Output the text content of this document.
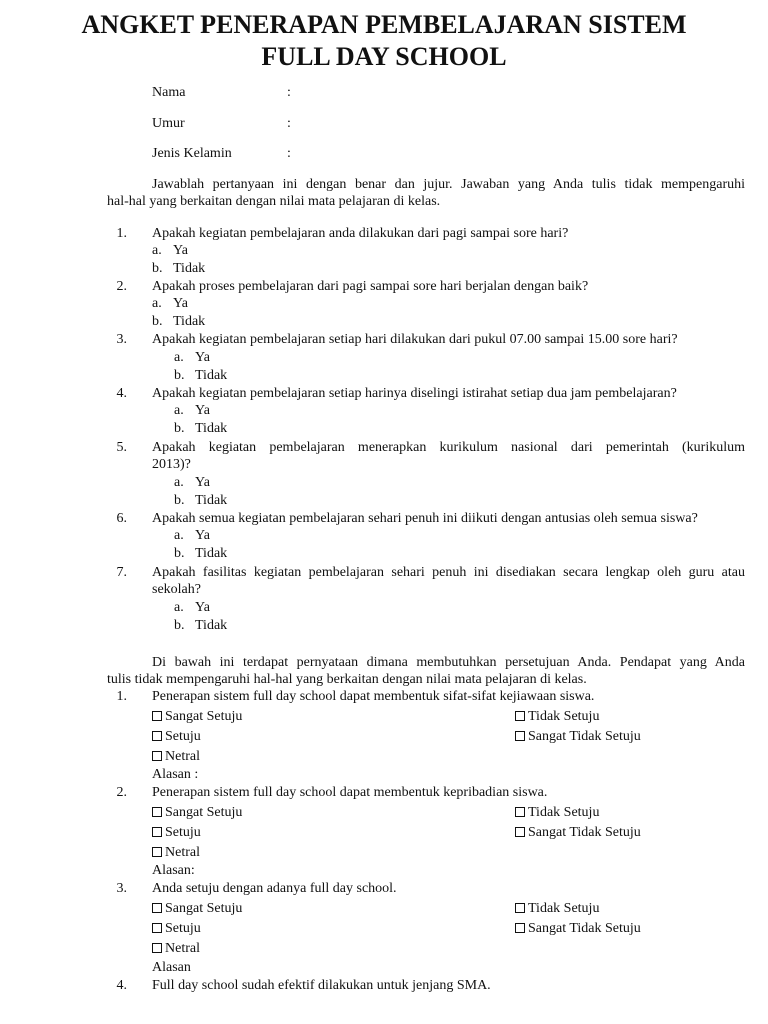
ANGKET PENERAPAN PEMBELAJARAN SISTEM
FULL DAY SCHOOL
Nama	:
Umur	:
Jenis Kelamin	:
Jawablah pertanyaan ini dengan benar dan jujur. Jawaban yang Anda tulis tidak mempengaruhi
hal-hal yang berkaitan dengan nilai mata pelajaran di kelas.
1. Apakah kegiatan pembelajaran anda dilakukan dari pagi sampai sore hari?
a. Ya
b. Tidak
2. Apakah proses pembelajaran dari pagi sampai sore hari berjalan dengan baik?
a. Ya
b. Tidak
3. Apakah kegiatan pembelajaran setiap hari dilakukan dari pukul 07.00 sampai 15.00 sore hari?
a. Ya
b. Tidak
4. Apakah kegiatan pembelajaran setiap harinya diselingi istirahat setiap dua jam pembelajaran?
a. Ya
b. Tidak
5. Apakah kegiatan pembelajaran menerapkan kurikulum nasional dari pemerintah (kurikulum
2013)?
a. Ya
b. Tidak
6. Apakah semua kegiatan pembelajaran sehari penuh ini diikuti dengan antusias oleh semua siswa?
a. Ya
b. Tidak
7. Apakah fasilitas kegiatan pembelajaran sehari penuh ini disediakan secara lengkap oleh guru atau
sekolah?
a. Ya
b. Tidak
Di bawah ini terdapat pernyataan dimana membutuhkan persetujuan Anda. Pendapat yang Anda
tulis tidak mempengaruhi hal-hal yang berkaitan dengan nilai mata pelajaran di kelas.
1. Penerapan sistem full day school dapat membentuk sifat-sifat kejiawaan siswa.
Sangat Setuju	Tidak Setuju
Setuju	Sangat Tidak Setuju
Netral
Alasan :
2. Penerapan sistem full day school dapat membentuk kepribadian siswa.
Sangat Setuju	Tidak Setuju
Setuju	Sangat Tidak Setuju
Netral
Alasan:
3. Anda setuju dengan adanya full day school.
Sangat Setuju	Tidak Setuju
Setuju	Sangat Tidak Setuju
Netral
Alasan
4. Full day school sudah efektif dilakukan untuk jenjang SMA.
